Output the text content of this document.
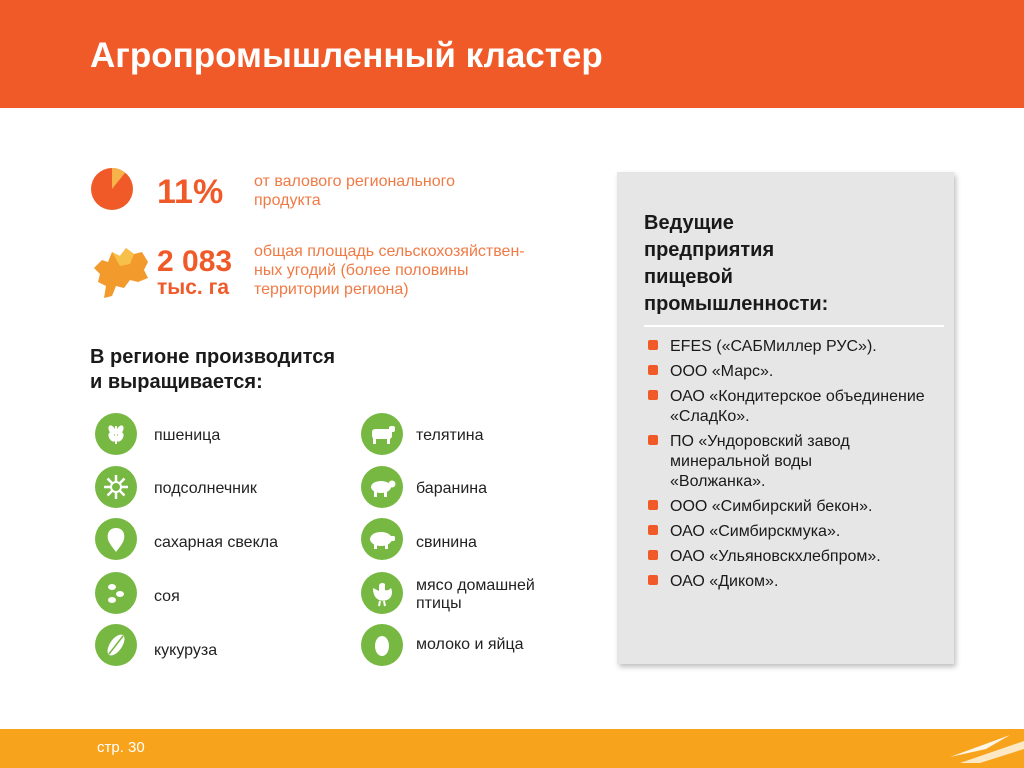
Агропромышленный кластер
11% от валового регионального
продукта
2 083
тыс. га
общая площадь сельскохозяйствен-
ных угодий (более половины
территории региона)
В регионе производится
и выращивается:
пшеница
подсолнечник
сахарная свекла
соя
кукуруза
телятина
баранина
свинина
мясо домашней
птицы
молоко и яйца
Ведущие
предприятия
пищевой
промышленности:
EFES («САБМиллер РУС»).
ООО «Марс».
ОАО «Кондитерское объединение
«СладКо».
ПО «Ундоровский завод
минеральной воды
«Волжанка».
ООО «Симбирский бекон».
ОАО «Симбирскмука».
ОАО «Ульяновскхлебпром».
ОАО «Диком».
стр. 30
